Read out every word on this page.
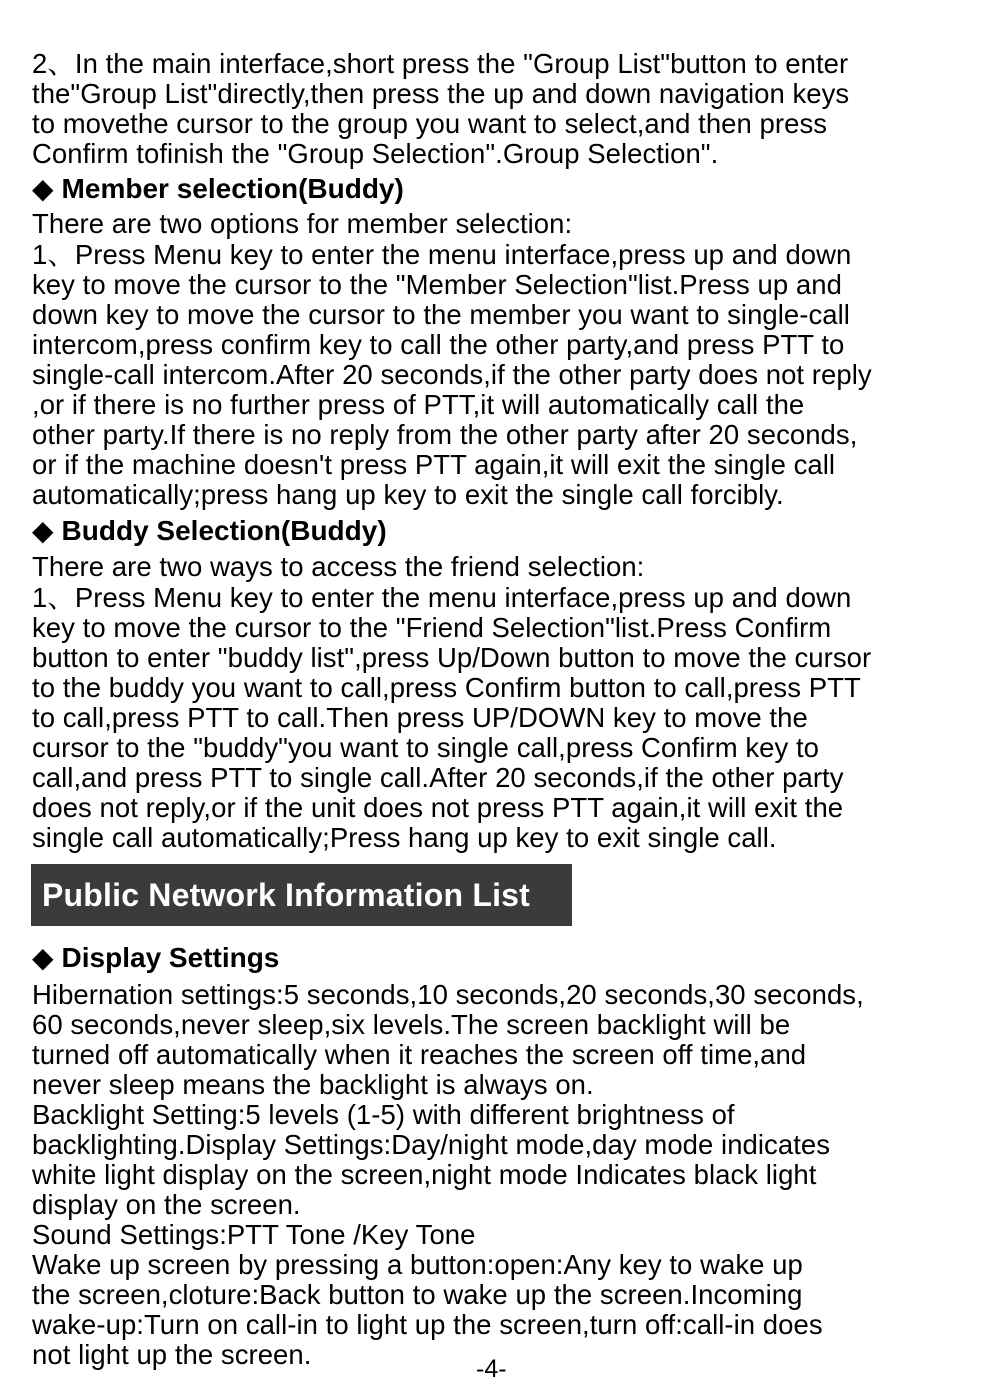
2、In the main interface,short press the "Group List"button to enter
the"Group List"directly,then press the up and down navigation keys
to movethe cursor to the group you want to select,and then press
Confirm tofinish the "Group Selection".Group Selection".
◆ Member selection(Buddy)
There are two options for member selection:
1、Press Menu key to enter the menu interface,press up and down
key to move the cursor to the "Member Selection"list.Press up and
down key to move the cursor to the member you want to single-call
intercom,press confirm key to call the other party,and press PTT to
single-call intercom.After 20 seconds,if the other party does not reply
,or if there is no further press of PTT,it will automatically call the
other party.If there is no reply from the other party after 20 seconds,
or if the machine doesn't press PTT again,it will exit the single call
automatically;press hang up key to exit the single call forcibly.
◆ Buddy Selection(Buddy)
There are two ways to access the friend selection:
1、Press Menu key to enter the menu interface,press up and down
key to move the cursor to the "Friend Selection"list.Press Confirm
button to enter "buddy list",press Up/Down button to move the cursor
to the buddy you want to call,press Confirm button to call,press PTT
to call,press PTT to call.Then press UP/DOWN key to move the
cursor to the "buddy"you want to single call,press Confirm key to
call,and press PTT to single call.After 20 seconds,if the other party
does not reply,or if the unit does not press PTT again,it will exit the
single call automatically;Press hang up key to exit single call.
Public Network Information List
◆ Display Settings
Hibernation settings:5 seconds,10 seconds,20 seconds,30 seconds,
60 seconds,never sleep,six levels.The screen backlight will be
turned off automatically when it reaches the screen off time,and
never sleep means the backlight is always on.
Backlight Setting:5 levels (1-5) with different brightness of
backlighting.Display Settings:Day/night mode,day mode indicates
white light display on the screen,night mode Indicates black light
display on the screen.
Sound Settings:PTT Tone /Key Tone
Wake up screen by pressing a button:open:Any key to wake up
the screen,cloture:Back button to wake up the screen.Incoming
wake-up:Turn on call-in to light up the screen,turn off:call-in does
not light up the screen.	-4-
